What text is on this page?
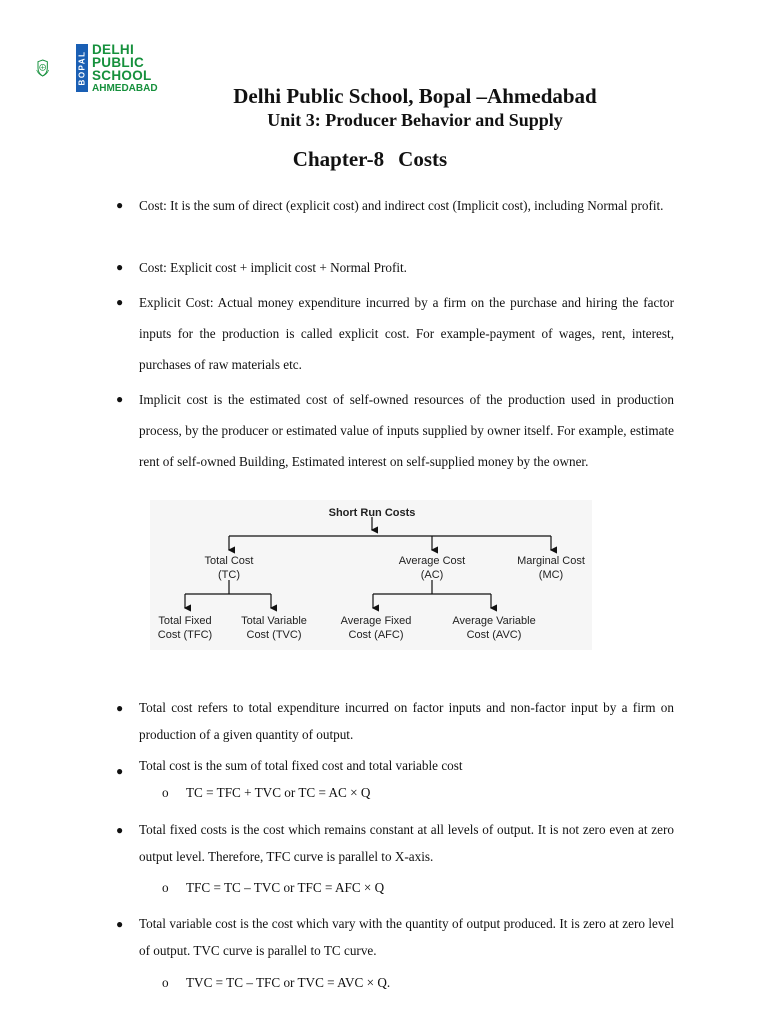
BOPAL
DELHI
PUBLIC
SCHOOL
AHMEDABAD	Delhi Public School, Bopal –Ahmedabad
Unit 3: Producer Behavior and Supply
Chapter-8 Costs
● Cost: It is the sum of direct (explicit cost) and indirect cost (Implicit cost), including Normal profit.
● Cost: Explicit cost + implicit cost + Normal Profit.
● Explicit Cost: Actual money expenditure incurred by a firm on the purchase and hiring the factor inputs for the production is called explicit cost. For example-payment of wages, rent, interest, purchases of raw materials etc.
● Implicit cost is the estimated cost of self-owned resources of the production used in production process, by the producer or estimated value of inputs supplied by owner itself. For example, estimate rent of self-owned Building, Estimated interest on self-supplied money by the owner.
Short Run Costs
Total Cost
(TC)
Average Cost
(AC)
Marginal Cost
(MC)
Total Fixed
Cost (TFC)
Total Variable
Cost (TVC)
Average Fixed
Cost (AFC)
Average Variable
Cost (AVC)
● Total cost refers to total expenditure incurred on factor inputs and non-factor input by a firm on production of a given quantity of output.
● Total cost is the sum of total fixed cost and total variable cost
o TC = TFC + TVC or TC = AC × Q
● Total fixed costs is the cost which remains constant at all levels of output. It is not zero even at zero output level. Therefore, TFC curve is parallel to X-axis.
o TFC = TC – TVC or TFC = AFC × Q
● Total variable cost is the cost which vary with the quantity of output produced. It is zero at zero level of output. TVC curve is parallel to TC curve.
o TVC = TC – TFC or TVC = AVC × Q.
